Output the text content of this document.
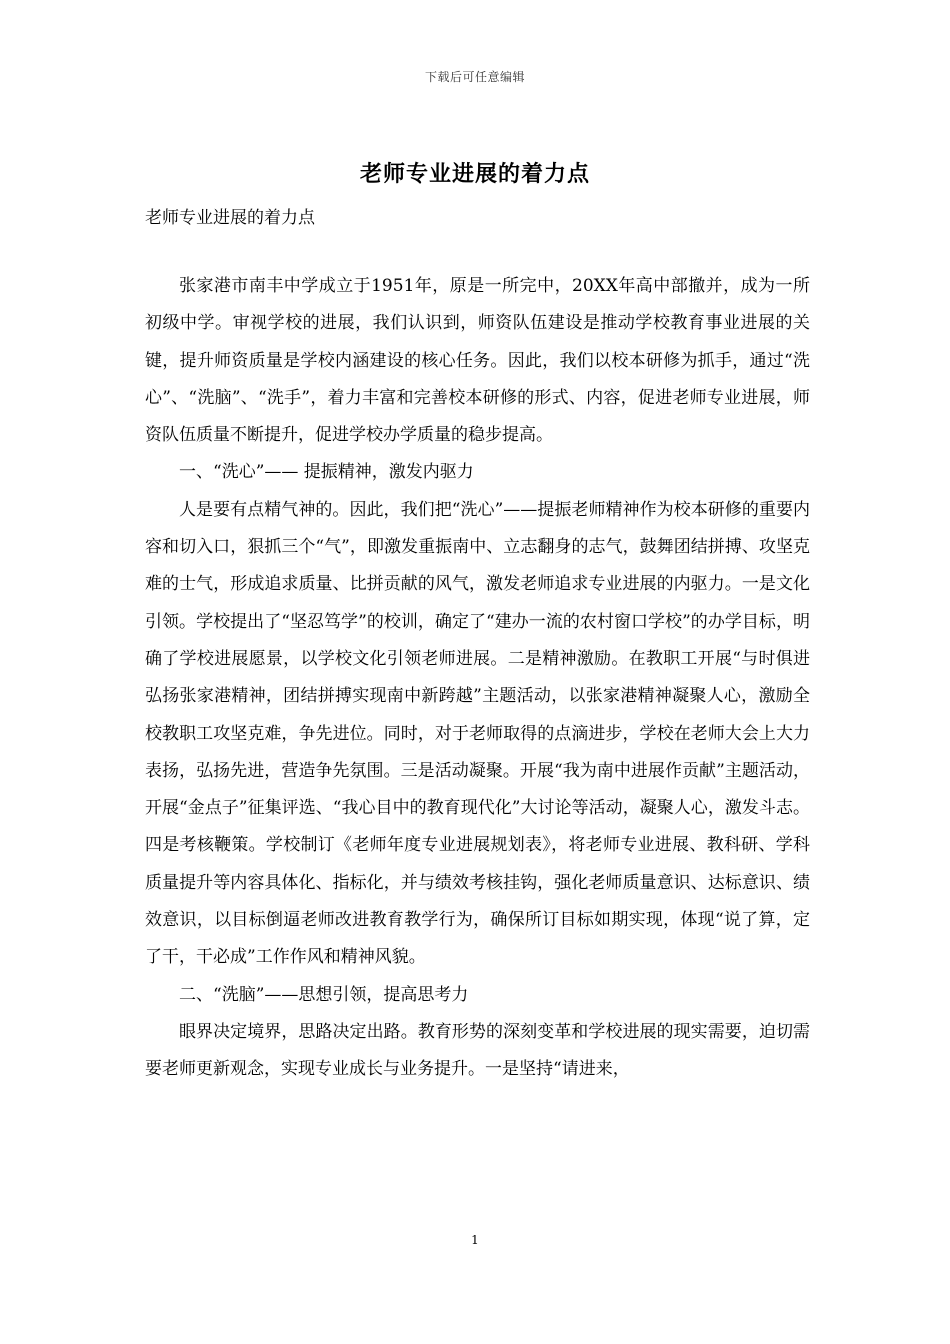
下载后可任意编辑
老师专业进展的着力点
老师专业进展的着力点

张家港市南丰中学成立于1951年，原是一所完中，20XX年高中部撤并，成为一所初级中学。审视学校的进展，我们认识到，师资队伍建设是推动学校教育事业进展的关键，提升师资质量是学校内涵建设的核心任务。因此，我们以校本研修为抓手，通过“洗心”、“洗脑”、“洗手”，着力丰富和完善校本研修的形式、内容，促进老师专业进展，师资队伍质量不断提升，促进学校办学质量的稳步提高。

一、“洗心”—— 提振精神，激发内驱力

人是要有点精气神的。因此，我们把“洗心”——提振老师精神作为校本研修的重要内容和切入口，狠抓三个“气”，即激发重振南中、立志翻身的志气，鼓舞团结拼搏、攻坚克难的士气，形成追求质量、比拼贡献的风气，激发老师追求专业进展的内驱力。一是文化引领。学校提出了“坚忍笃学”的校训，确定了“建办一流的农村窗口学校”的办学目标，明确了学校进展愿景，以学校文化引领老师进展。二是精神激励。在教职工开展“与时俱进弘扬张家港精神，团结拼搏实现南中新跨越”主题活动，以张家港精神凝聚人心，激励全校教职工攻坚克难，争先进位。同时，对于老师取得的点滴进步，学校在老师大会上大力表扬，弘扬先进，营造争先氛围。三是活动凝聚。开展“我为南中进展作贡献”主题活动，开展“金点子”征集评选、“我心目中的教育现代化”大讨论等活动，凝聚人心，激发斗志。四是考核鞭策。学校制订《老师年度专业进展规划表》，将老师专业进展、教科研、学科质量提升等内容具体化、指标化，并与绩效考核挂钩，强化老师质量意识、达标意识、绩效意识，以目标倒逼老师改进教育教学行为，确保所订目标如期实现，体现“说了算，定了干，干必成”工作作风和精神风貌。

二、“洗脑”——思想引领，提高思考力

眼界决定境界，思路决定出路。教育形势的深刻变革和学校进展的现实需要，迫切需要老师更新观念，实现专业成长与业务提升。一是坚持“请进来，

1
